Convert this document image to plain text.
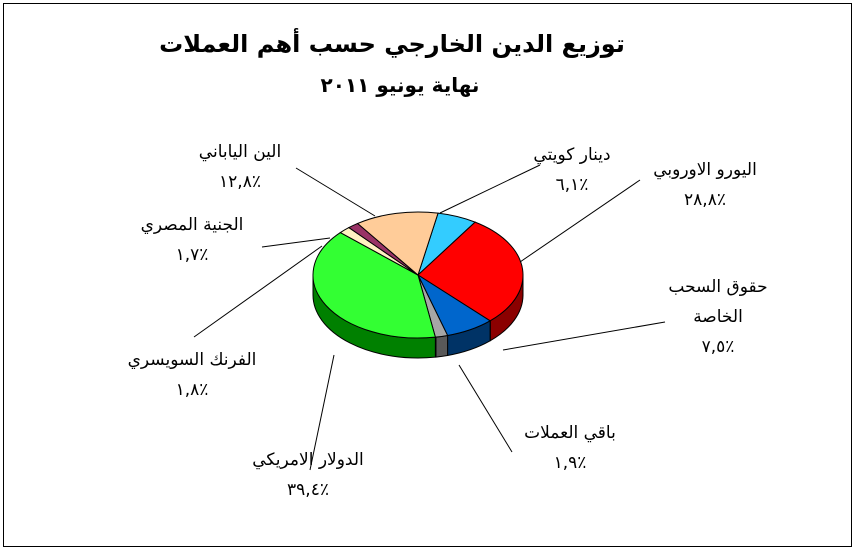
توزيع الدين الخارجي حسب أهم العملات
نهاية يونيو ٢٠١١
دينار كويتي
٪٦,١
اليورو الاوروبي
٪٢٨,٨
حقوق السحب
الخاصة
٪٧,٥
باقي العملات
٪١,٩
الدولار الامريكي
٪٣٩,٤
الفرنك السويسري
٪١,٨
الجنية المصري
٪١,٧
الين الياباني
٪١٢,٨
